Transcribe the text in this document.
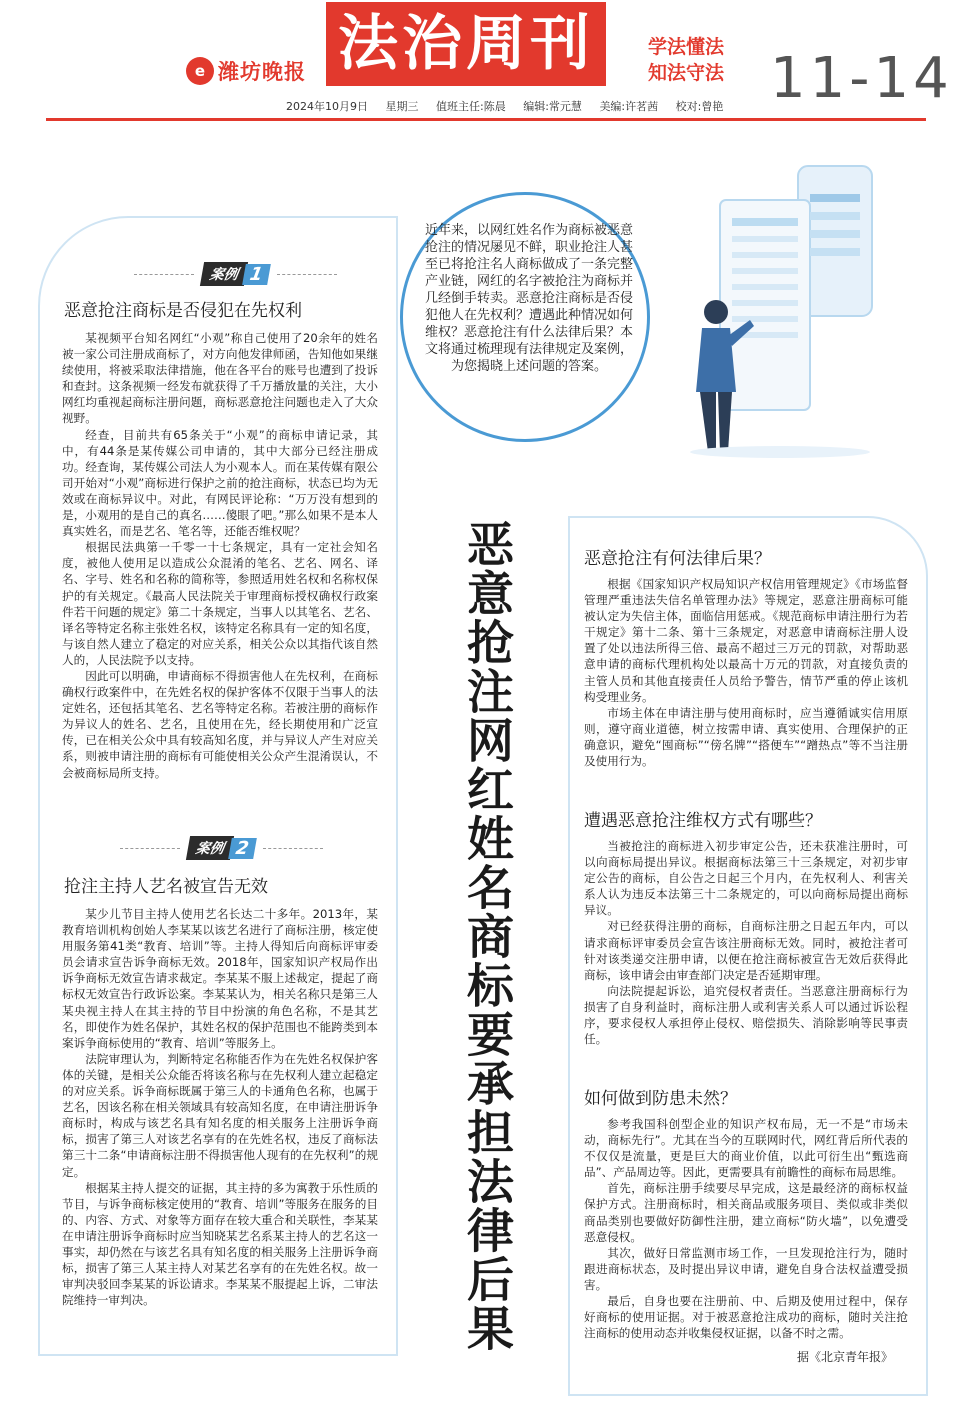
e 潍坊晚报 法治周刊	学法懂法
知法守法 11-14
2024年10月9日 星期三 值班主任:陈晨 编辑:常元慧 美编:许茗茜 校对:曾艳
案例 1
恶意抢注商标是否侵犯在先权利

某视频平台知名网红“小观”称自己使用了20余年的姓名被一家公司注册成商标了，对方向他发律师函，告知他如果继续使用，将被采取法律措施，他在各平台的账号也遭到了投诉和查封。这条视频一经发布就获得了千万播放量的关注，大小网红均重视起商标注册问题，商标恶意抢注问题也走入了大众视野。

经查，目前共有65条关于“小观”的商标申请记录，其中，有44条是某传媒公司申请的，其中大部分已经注册成功。经查询，某传媒公司法人为小观本人。而在某传媒有限公司开始对“小观”商标进行保护之前的抢注商标，状态已均为无效或在商标异议中。对此，有网民评论称：“万万没有想到的是，小观用的是自己的真名……傻眼了吧。”那么如果不是本人真实姓名，而是艺名、笔名等，还能否维权呢？

根据民法典第一千零一十七条规定，具有一定社会知名度，被他人使用足以造成公众混淆的笔名、艺名、网名、译名、字号、姓名和名称的简称等，参照适用姓名权和名称权保护的有关规定。《最高人民法院关于审理商标授权确权行政案件若干问题的规定》第二十条规定，当事人以其笔名、艺名、译名等特定名称主张姓名权，该特定名称具有一定的知名度，与该自然人建立了稳定的对应关系，相关公众以其指代该自然人的，人民法院予以支持。

因此可以明确，申请商标不得损害他人在先权利，在商标确权行政案件中，在先姓名权的保护客体不仅限于当事人的法定姓名，还包括其笔名、艺名等特定名称。若被注册的商标作为异议人的姓名、艺名，且使用在先，经长期使用和广泛宣传，已在相关公众中具有较高知名度，并与异议人产生对应关系，则被申请注册的商标有可能使相关公众产生混淆误认，不会被商标局所支持。

案例 2
抢注主持人艺名被宣告无效

某少儿节目主持人使用艺名长达二十多年。2013年，某教育培训机构创始人李某某以该艺名进行了商标注册，核定使用服务第41类“教育、培训”等。主持人得知后向商标评审委员会请求宣告诉争商标无效。2018年，国家知识产权局作出诉争商标无效宣告请求裁定。李某某不服上述裁定，提起了商标权无效宣告行政诉讼案。李某某认为，相关名称只是第三人某央视主持人在其主持的节目中扮演的角色名称，不是其艺名，即使作为姓名保护，其姓名权的保护范围也不能跨类到本案诉争商标使用的“教育、培训”等服务上。

法院审理认为，判断特定名称能否作为在先姓名权保护客体的关键，是相关公众能否将该名称与在先权利人建立起稳定的对应关系。诉争商标既属于第三人的卡通角色名称，也属于艺名，因该名称在相关领域具有较高知名度，在申请注册诉争商标时，构成与该艺名具有知名度的相关服务上注册诉争商标，损害了第三人对该艺名享有的在先姓名权，违反了商标法第三十二条“申请商标注册不得损害他人现有的在先权利”的规定。

根据某主持人提交的证据，其主持的多为寓教于乐性质的节目，与诉争商标核定使用的“教育、培训”等服务在服务的目的、内容、方式、对象等方面存在较大重合和关联性，李某某在申请注册诉争商标时应当知晓某艺名系某主持人的艺名这一事实，却仍然在与该艺名具有知名度的相关服务上注册诉争商标，损害了第三人某主持人对某艺名享有的在先姓名权。故一审判决驳回李某某的诉讼请求。李某某不服提起上诉，二审法院维持一审判决。

近年来，以网红姓名作为商标被恶意抢注的情况屡见不鲜，职业抢注人甚至已将抢注名人商标做成了一条完整产业链，网红的名字被抢注为商标并几经倒手转卖。恶意抢注商标是否侵犯他人在先权利？遭遇此种情况如何维权？恶意抢注有什么法律后果？本文将通过梳理现有法律规定及案例，为您揭晓上述问题的答案。
恶意抢注网红姓名商标要承担法律后果	恶意抢注有何法律后果？

根据《国家知识产权局知识产权信用管理规定》《市场监督管理严重违法失信名单管理办法》等规定，恶意注册商标可能被认定为失信主体，面临信用惩戒。《规范商标申请注册行为若干规定》第十二条、第十三条规定，对恶意申请商标注册人设置了处以违法所得三倍、最高不超过三万元的罚款，对帮助恶意申请的商标代理机构处以最高十万元的罚款，对直接负责的主管人员和其他直接责任人员给予警告，情节严重的停止该机构受理业务。

市场主体在申请注册与使用商标时，应当遵循诚实信用原则，遵守商业道德，树立按需申请、真实使用、合理保护的正确意识，避免“囤商标”“傍名牌”“搭便车”“蹭热点”等不当注册及使用行为。

遭遇恶意抢注维权方式有哪些？

当被抢注的商标进入初步审定公告，还未获准注册时，可以向商标局提出异议。根据商标法第三十三条规定，对初步审定公告的商标，自公告之日起三个月内，在先权利人、利害关系人认为违反本法第三十二条规定的，可以向商标局提出商标异议。

对已经获得注册的商标，自商标注册之日起五年内，可以请求商标评审委员会宣告该注册商标无效。同时，被抢注者可针对该类递交注册申请，以便在抢注商标被宣告无效后获得此商标，该申请会由审查部门决定是否延期审理。

向法院提起诉讼，追究侵权者责任。当恶意注册商标行为损害了自身利益时，商标注册人或利害关系人可以通过诉讼程序，要求侵权人承担停止侵权、赔偿损失、消除影响等民事责任。

如何做到防患未然？

参考我国科创型企业的知识产权布局，无一不是“市场未动，商标先行”。尤其在当今的互联网时代，网红背后所代表的不仅仅是流量，更是巨大的商业价值，以此可衍生出“甄选商品”、产品周边等。因此，更需要具有前瞻性的商标布局思维。

首先，商标注册手续要尽早完成，这是最经济的商标权益保护方式。注册商标时，相关商品或服务项目、类似或非类似商品类别也要做好防御性注册，建立商标“防火墙”，以免遭受恶意侵权。

其次，做好日常监测市场工作，一旦发现抢注行为，随时跟进商标状态，及时提出异议申请，避免自身合法权益遭受损害。

最后，自身也要在注册前、中、后期及使用过程中，保存好商标的使用证据。对于被恶意抢注成功的商标，随时关注抢注商标的使用动态并收集侵权证据，以备不时之需。

据《北京青年报》
